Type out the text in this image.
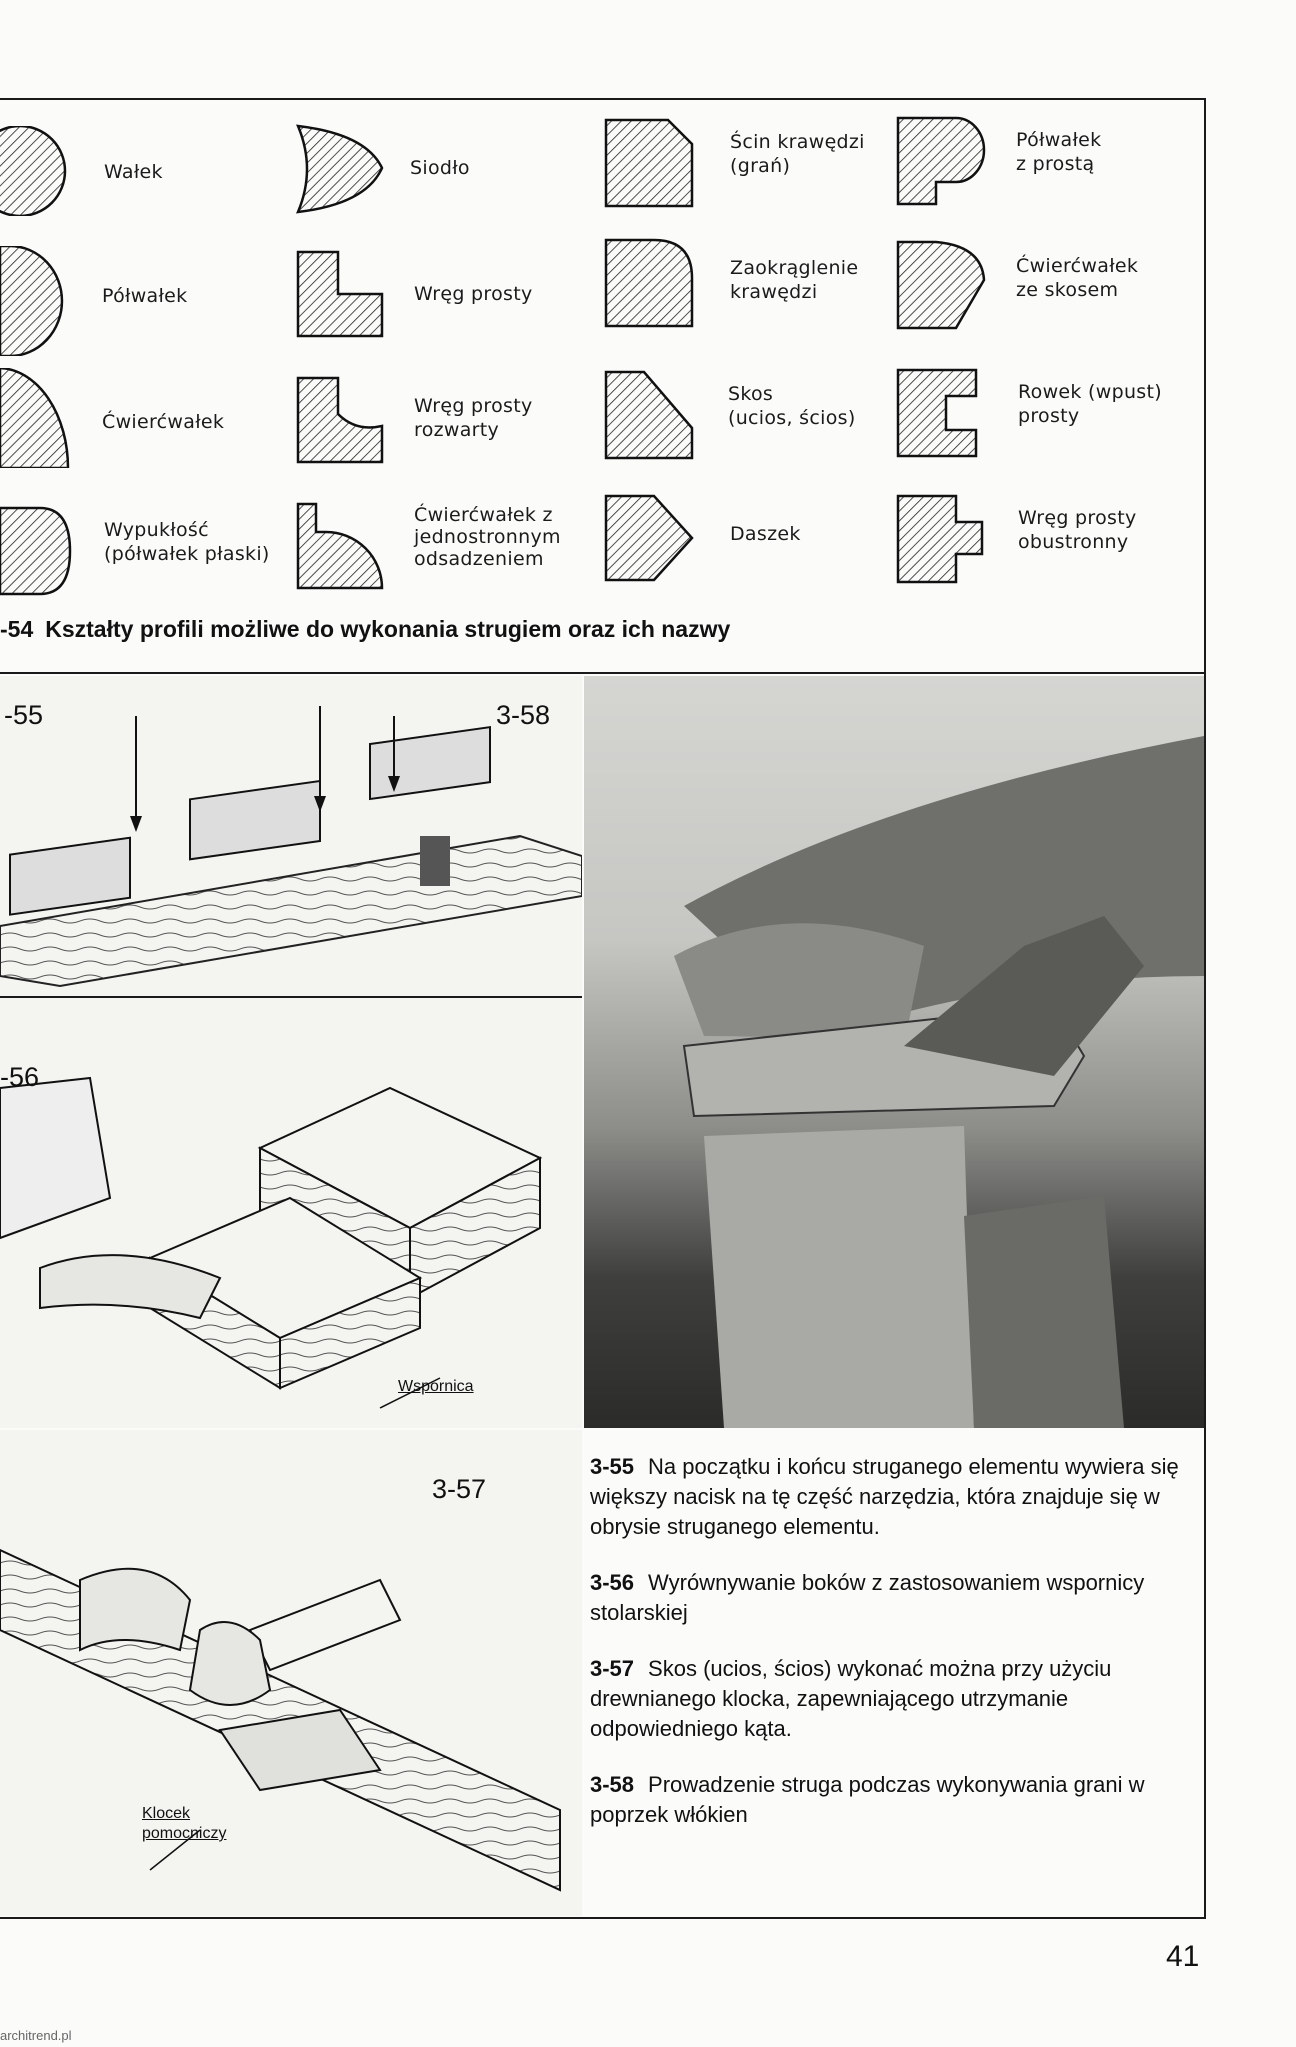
Wałek
Półwałek
Ćwierćwałek
Wypukłość
(półwałek płaski)
Siodło
Wręg prosty
Wręg prosty
rozwarty
Ćwierćwałek z
jednostronnym
odsadzeniem
Ścin krawędzi
(grań)
Zaokrąglenie
krawędzi
Skos
(ucios, ścios)
Daszek
Półwałek
z prostą
Ćwierćwałek
ze skosem
Rowek (wpust)
prosty
Wręg prosty
obustronny
-54 Kształty profili możliwe do wykonania strugiem oraz ich nazwy
-55	3-58
-56
Wspornica
3-57
Klocek
pomocniczy
3-55 Na początku i końcu struganego elementu wywiera się większy nacisk na tę część narzędzia, która znajduje się w obrysie struganego elementu.
3-56 Wyrównywanie boków z zastosowaniem wspornicy stolarskiej
3-57 Skos (ucios, ścios) wykonać można przy użyciu drewnianego klocka, zapewniającego utrzymanie odpowiedniego kąta.
3-58 Prowadzenie struga podczas wykonywania grani w poprzek włókien
41
architrend.pl
